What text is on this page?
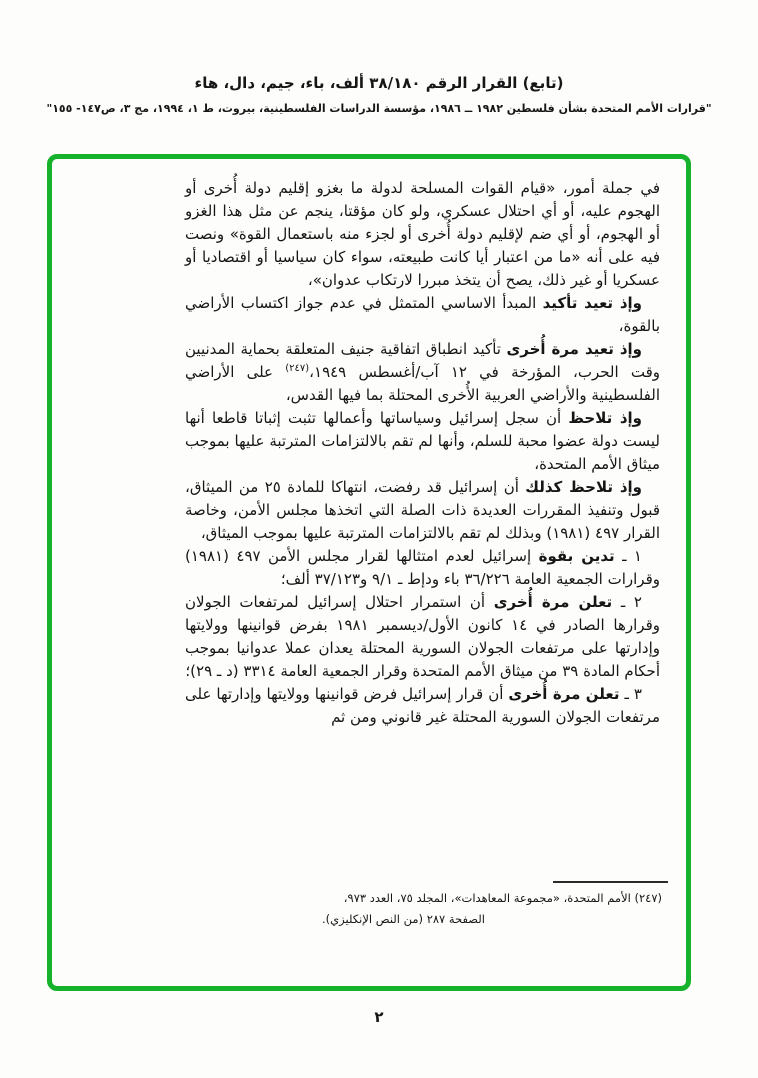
(تابع) القرار الرقم ٣٨/١٨٠ ألف، باء، جيم، دال، هاء
"قرارات الأمم المتحدة بشأن فلسطين ١٩٨٢ ــ ١٩٨٦، مؤسسة الدراسات الفلسطينية، بيروت، ط ١، ١٩٩٤، مج ٣، ص١٤٧- ١٥٥"

في جملة أمور، «قيام القوات المسلحة لدولة ما بغزو إقليم دولة أُخرى أو الهجوم عليه، أو أي احتلال عسكري، ولو كان مؤقتا، ينجم عن مثل هذا الغزو أو الهجوم، أو أي ضم لإقليم دولة أُخرى أو لجزء منه باستعمال القوة» ونصت فيه على أنه «ما من اعتبار أيا كانت طبيعته، سواء كان سياسيا أو اقتصاديا أو عسكريا أو غير ذلك، يصح أن يتخذ مبررا لارتكاب عدوان»،

وإذ تعيد تأكيد المبدأ الاساسي المتمثل في عدم جواز اكتساب الأراضي بالقوة،

وإذ تعيد مرة أُخرى تأكيد انطباق اتفاقية جنيف المتعلقة بحماية المدنيين وقت الحرب، المؤرخة في ١٢ آب/أغسطس ١٩٤٩،$^{(٢٤٧)}$ على الأراضي الفلسطينية والأراضي العربية الأُخرى المحتلة بما فيها القدس،

وإذ تلاحظ أن سجل إسرائيل وسياساتها وأعمالها تثبت إثباتا قاطعا أنها ليست دولة عضوا محبة للسلم، وأنها لم تقم بالالتزامات المترتبة عليها بموجب ميثاق الأمم المتحدة،

وإذ تلاحظ كذلك أن إسرائيل قد رفضت، انتهاكا للمادة ٢٥ من الميثاق، قبول وتنفيذ المقررات العديدة ذات الصلة التي اتخذها مجلس الأمن، وخاصة القرار ٤٩٧ (١٩٨١) وبذلك لم تقم بالالتزامات المترتبة عليها بموجب الميثاق،

١ ـ تدين بقوة إسرائيل لعدم امتثالها لقرار مجلس الأمن ٤٩٧ (١٩٨١) وقرارات الجمعية العامة ٣٦/٢٢٦ باء ودإط ـ ٩/١ و٣٧/١٢٣ ألف؛

٢ ـ تعلن مرة أُخرى أن استمرار احتلال إسرائيل لمرتفعات الجولان وقرارها الصادر في ١٤ كانون الأول/ديسمبر ١٩٨١ بفرض قوانينها وولايتها وإدارتها على مرتفعات الجولان السورية المحتلة يعدان عملا عدوانيا بموجب أحكام المادة ٣٩ من ميثاق الأمم المتحدة وقرار الجمعية العامة ٣٣١٤ (د ـ ٢٩)؛

٣ ـ تعلن مرة أُخرى أن قرار إسرائيل فرض قوانينها وولايتها وإدارتها على مرتفعات الجولان السورية المحتلة غير قانوني ومن ثم

(٢٤٧) الأمم المتحدة، «مجموعة المعاهدات»، المجلد ٧٥، العدد ٩٧٣،
الصفحة ٢٨٧ (من النص الإنكليزي).
٢
